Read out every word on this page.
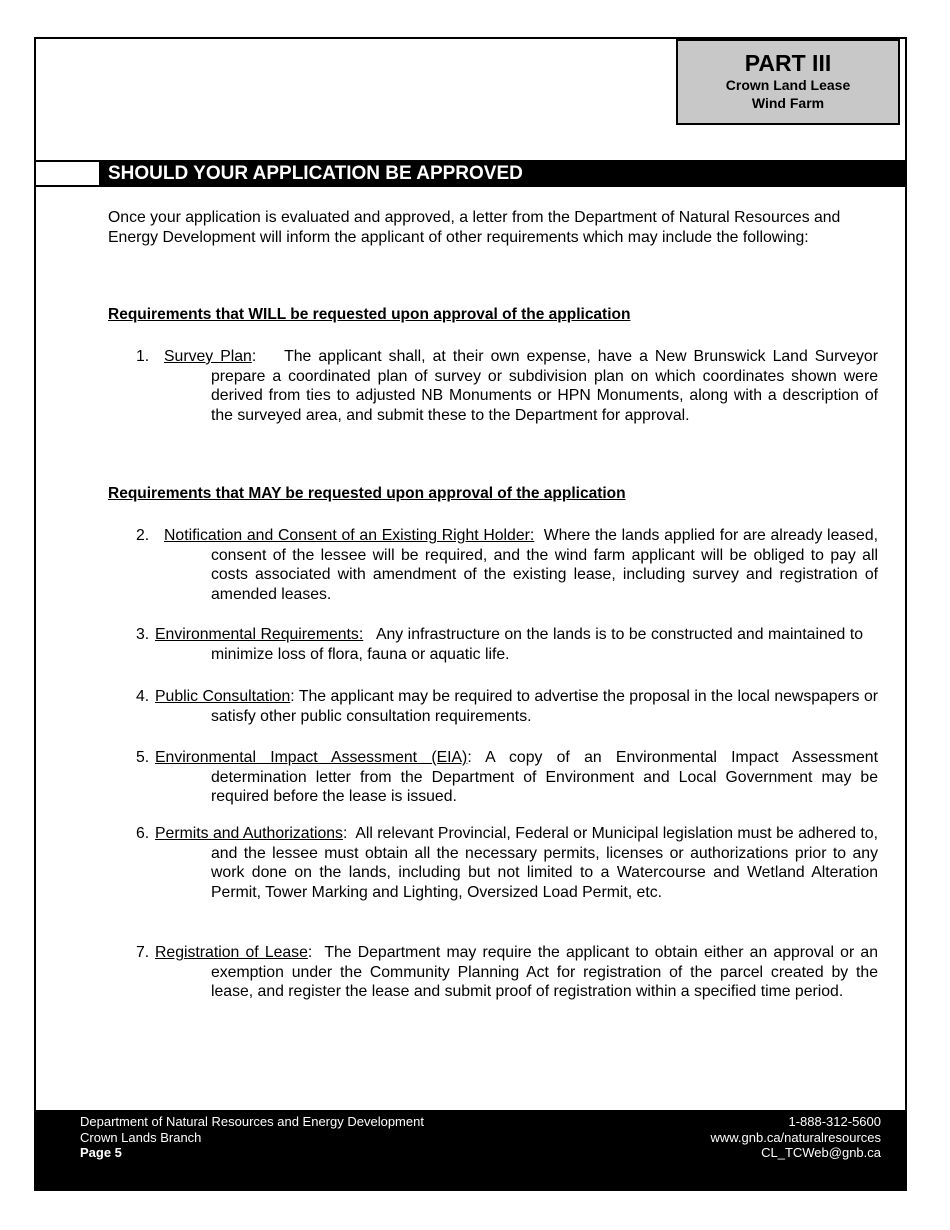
PART III
Crown Land Lease
Wind Farm
SHOULD YOUR APPLICATION BE APPROVED
Once your application is evaluated and approved, a letter from the Department of Natural Resources and Energy Development will inform the applicant of other requirements which may include the following:
Requirements that WILL be requested upon approval of the application
1. Survey Plan: The applicant shall, at their own expense, have a New Brunswick Land Surveyor prepare a coordinated plan of survey or subdivision plan on which coordinates shown were derived from ties to adjusted NB Monuments or HPN Monuments, along with a description of the surveyed area, and submit these to the Department for approval.
Requirements that MAY be requested upon approval of the application
2. Notification and Consent of an Existing Right Holder: Where the lands applied for are already leased, consent of the lessee will be required, and the wind farm applicant will be obliged to pay all costs associated with amendment of the existing lease, including survey and registration of amended leases.
3. Environmental Requirements: Any infrastructure on the lands is to be constructed and maintained to minimize loss of flora, fauna or aquatic life.
4. Public Consultation: The applicant may be required to advertise the proposal in the local newspapers or satisfy other public consultation requirements.
5. Environmental Impact Assessment (EIA): A copy of an Environmental Impact Assessment determination letter from the Department of Environment and Local Government may be required before the lease is issued.
6. Permits and Authorizations: All relevant Provincial, Federal or Municipal legislation must be adhered to, and the lessee must obtain all the necessary permits, licenses or authorizations prior to any work done on the lands, including but not limited to a Watercourse and Wetland Alteration Permit, Tower Marking and Lighting, Oversized Load Permit, etc.
7. Registration of Lease: The Department may require the applicant to obtain either an approval or an exemption under the Community Planning Act for registration of the parcel created by the lease, and register the lease and submit proof of registration within a specified time period.
Department of Natural Resources and Energy Development
Crown Lands Branch
Page 5
1-888-312-5600
www.gnb.ca/naturalresources
CL_TCWeb@gnb.ca
